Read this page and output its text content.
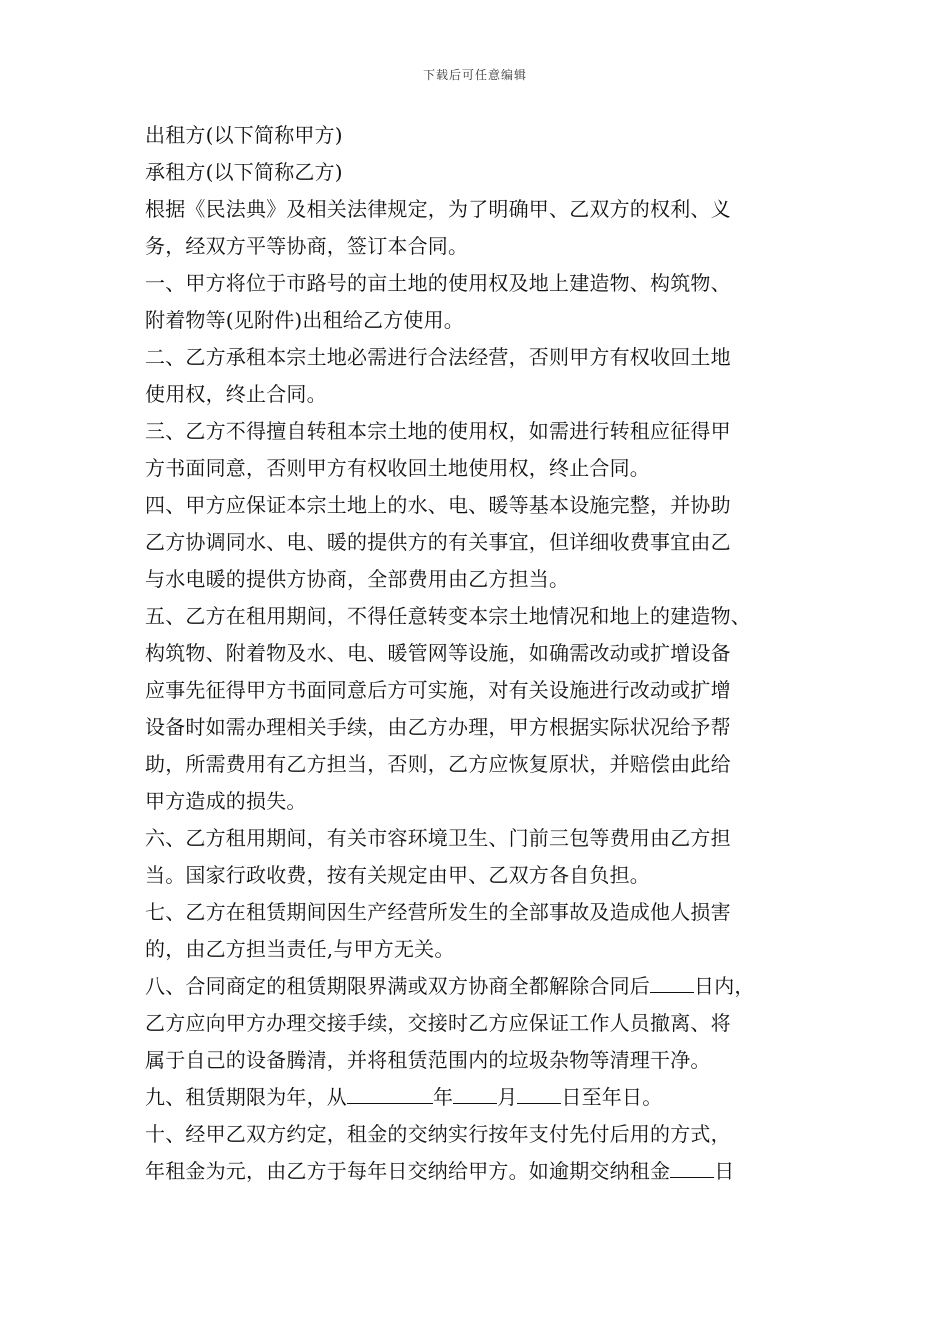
下载后可任意编辑
出租方(以下简称甲方)
承租方(以下简称乙方)
根据《民法典》及相关法律规定，为了明确甲、乙双方的权利、义
务，经双方平等协商，签订本合同。
一、甲方将位于市路号的亩土地的使用权及地上建造物、构筑物、
附着物等(见附件)出租给乙方使用。
二、乙方承租本宗土地必需进行合法经营，否则甲方有权收回土地
使用权，终止合同。
三、乙方不得擅自转租本宗土地的使用权，如需进行转租应征得甲
方书面同意，否则甲方有权收回土地使用权，终止合同。
四、甲方应保证本宗土地上的水、电、暖等基本设施完整，并协助
乙方协调同水、电、暖的提供方的有关事宜，但详细收费事宜由乙
与水电暖的提供方协商，全部费用由乙方担当。
五、乙方在租用期间，不得任意转变本宗土地情况和地上的建造物、
构筑物、附着物及水、电、暖管网等设施，如确需改动或扩增设备
应事先征得甲方书面同意后方可实施，对有关设施进行改动或扩增
设备时如需办理相关手续，由乙方办理，甲方根据实际状况给予帮
助，所需费用有乙方担当，否则，乙方应恢复原状，并赔偿由此给
甲方造成的损失。
六、乙方租用期间，有关市容环境卫生、门前三包等费用由乙方担
当。国家行政收费，按有关规定由甲、乙双方各自负担。
七、乙方在租赁期间因生产经营所发生的全部事故及造成他人损害
的，由乙方担当责任,与甲方无关。
八、合同商定的租赁期限界满或双方协商全都解除合同后 日内，
乙方应向甲方办理交接手续，交接时乙方应保证工作人员撤离、将
属于自己的设备腾清，并将租赁范围内的垃圾杂物等清理干净。
九、租赁期限为年，从	年 月 日至年日。
十、经甲乙双方约定，租金的交纳实行按年支付先付后用的方式，
年租金为元，由乙方于每年日交纳给甲方。如逾期交纳租金 日
